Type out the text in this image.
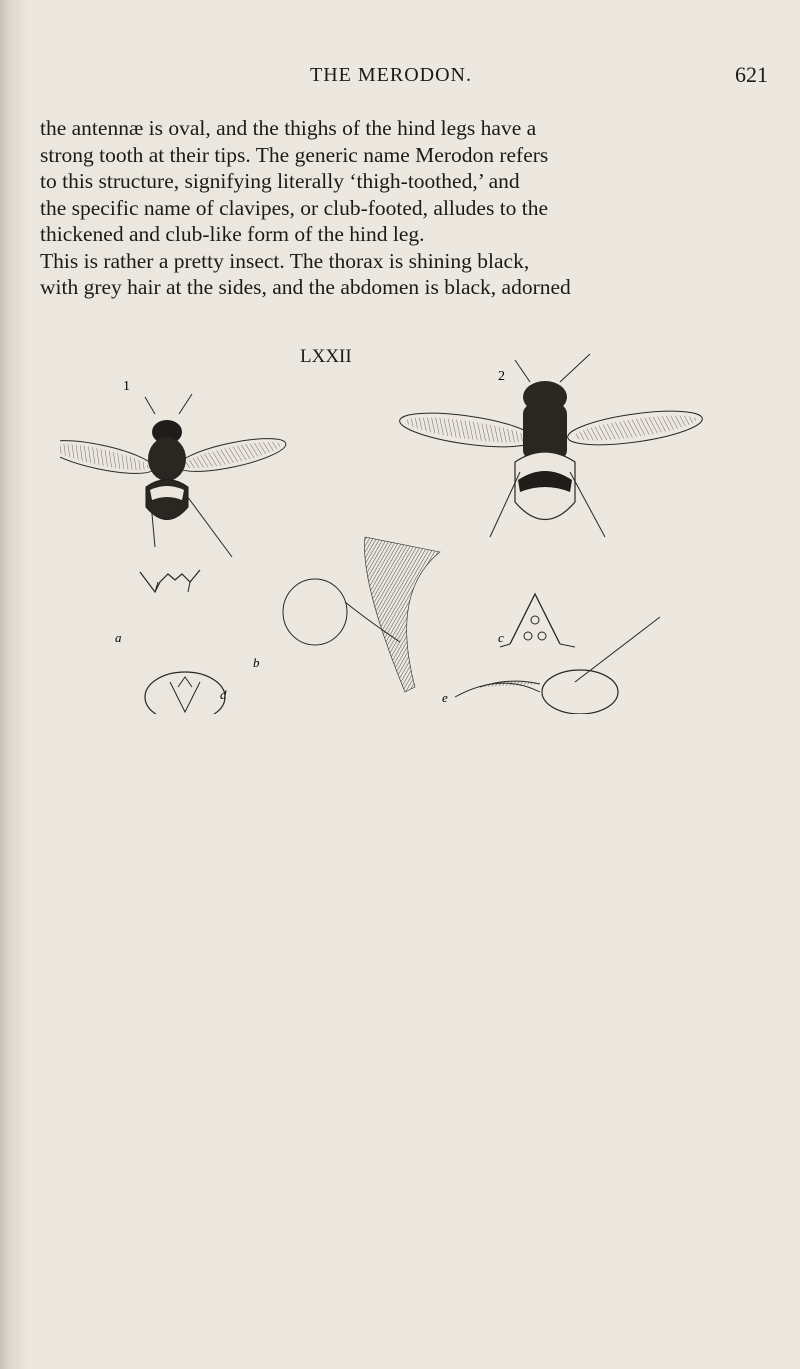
THE MERODON.	621

the antennæ is oval, and the thighs of the hind legs have a
strong tooth at their tips. The generic name Merodon refers
to this structure, signifying literally ‘thigh-toothed,’ and
the specific name of clavipes, or club-footed, alludes to the
thickened and club-like form of the hind leg.
This is rather a pretty insect. The thorax is shining black,
with grey hair at the sides, and the abdomen is black, adorned

LXXII
1
a
b
2
c
d	e
